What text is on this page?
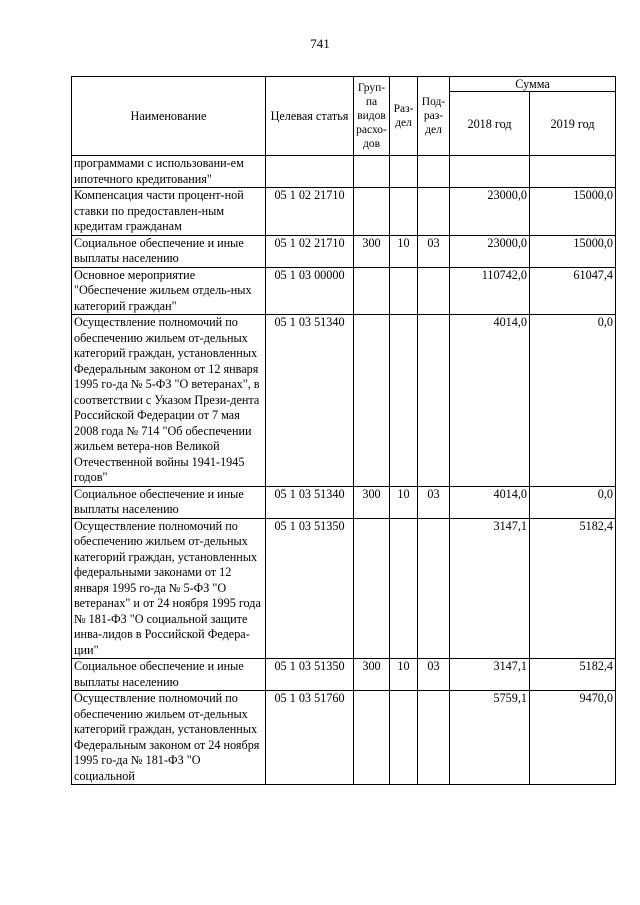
741
Наименование	Целевая статья	Груп-па видов расхо-дов	Раз-дел	Под-раз-дел	Сумма	
					2018 год	2019 год
программами с использовани-ем ипотечного кредитования"						
Компенсация части процент-ной ставки по предоставлен-ным кредитам гражданам	05 1 02 21710				23000,0	15000,0
Социальное обеспечение и иные выплаты населению	05 1 02 21710	300	10	03	23000,0	15000,0
Основное мероприятие "Обеспечение жильем отдель-ных категорий граждан"	05 1 03 00000				110742,0	61047,4
Осуществление полномочий по обеспечению жильем от-дельных категорий граждан, установленных Федеральным законом от 12 января 1995 го-да № 5-ФЗ "О ветеранах", в соответствии с Указом Прези-дента Российской Федерации от 7 мая 2008 года № 714 "Об обеспечении жильем ветера-нов Великой Отечественной войны 1941-1945 годов"	05 1 03 51340				4014,0	0,0
Социальное обеспечение и иные выплаты населению	05 1 03 51340	300	10	03	4014,0	0,0
Осуществление полномочий по обеспечению жильем от-дельных категорий граждан, установленных федеральными законами от 12 января 1995 го-да № 5-ФЗ "О ветеранах" и от 24 ноября 1995 года № 181-ФЗ "О социальной защите инва-лидов в Российской Федера-ции"	05 1 03 51350				3147,1	5182,4
Социальное обеспечение и иные выплаты населению	05 1 03 51350	300	10	03	3147,1	5182,4
Осуществление полномочий по обеспечению жильем от-дельных категорий граждан, установленных Федеральным законом от 24 ноября 1995 го-да № 181-ФЗ "О социальной	05 1 03 51760				5759,1	9470,0
